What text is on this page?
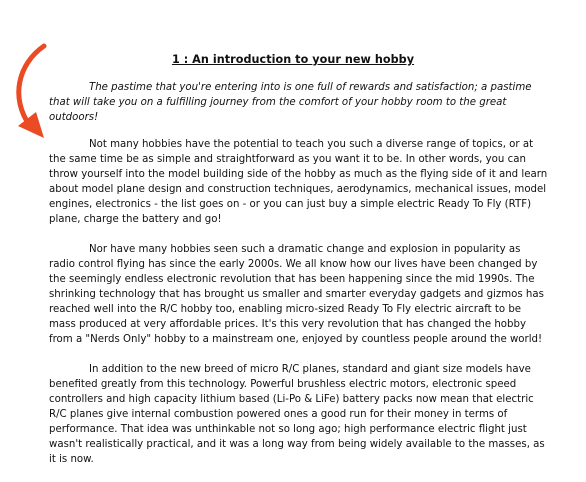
1 : An introduction to your new hobby

The pastime that you're entering into is one full of rewards and satisfaction; a pastime that will take you on a fulfilling journey from the comfort of your hobby room to the great outdoors!

Not many hobbies have the potential to teach you such a diverse range of topics, or at the same time be as simple and straightforward as you want it to be. In other words, you can throw yourself into the model building side of the hobby as much as the flying side of it and learn about model plane design and construction techniques, aerodynamics, mechanical issues, model engines, electronics - the list goes on - or you can just buy a simple electric Ready To Fly (RTF) plane, charge the battery and go!

Nor have many hobbies seen such a dramatic change and explosion in popularity as radio control flying has since the early 2000s. We all know how our lives have been changed by the seemingly endless electronic revolution that has been happening since the mid 1990s. The shrinking technology that has brought us smaller and smarter everyday gadgets and gizmos has reached well into the R/C hobby too, enabling micro-sized Ready To Fly electric aircraft to be mass produced at very affordable prices. It's this very revolution that has changed the hobby from a "Nerds Only" hobby to a mainstream one, enjoyed by countless people around the world!

In addition to the new breed of micro R/C planes, standard and giant size models have benefited greatly from this technology. Powerful brushless electric motors, electronic speed controllers and high capacity lithium based (Li-Po & LiFe) battery packs now mean that electric R/C planes give internal combustion powered ones a good run for their money in terms of performance. That idea was unthinkable not so long ago; high performance electric flight just wasn't realistically practical, and it was a long way from being widely available to the masses, as it is now.
